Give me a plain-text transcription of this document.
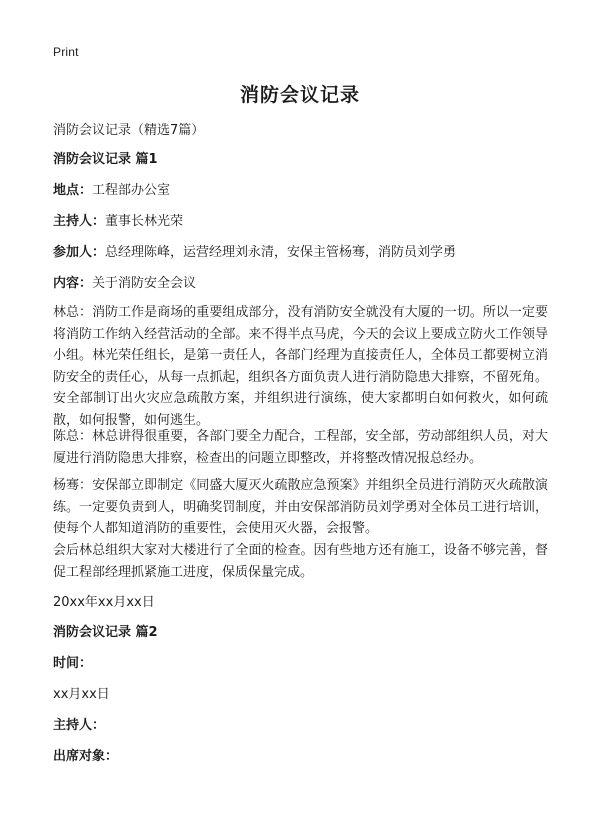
Print
消防会议记录
消防会议记录（精选7篇）
消防会议记录 篇1
地点：工程部办公室
主持人：董事长林光荣
参加人：总经理陈峰，运营经理刘永清，安保主管杨骞，消防员刘学勇
内容：关于消防安全会议
林总：消防工作是商场的重要组成部分，没有消防安全就没有大厦的一切。所以一定要将消防工作纳入经营活动的全部。来不得半点马虎，今天的会议上要成立防火工作领导小组。林光荣任组长，是第一责任人，各部门经理为直接责任人，全体员工都要树立消防安全的责任心，从每一点抓起，组织各方面负责人进行消防隐患大排察，不留死角。安全部制订出火灾应急疏散方案，并组织进行演练，使大家都明白如何救火，如何疏散，如何报警，如何逃生。
陈总：林总讲得很重要，各部门要全力配合，工程部，安全部，劳动部组织人员，对大厦进行消防隐患大排察，检查出的问题立即整改，并将整改情况报总经办。
杨骞：安保部立即制定《同盛大厦灭火疏散应急预案》并组织全员进行消防灭火疏散演练。一定要负责到人，明确奖罚制度，并由安保部消防员刘学勇对全体员工进行培训，使每个人都知道消防的重要性，会使用灭火器，会报警。
会后林总组织大家对大楼进行了全面的检查。因有些地方还有施工，设备不够完善，督促工程部经理抓紧施工进度，保质保量完成。
20xx年xx月xx日
消防会议记录 篇2
时间：
xx月xx日
主持人：
出席对象：
